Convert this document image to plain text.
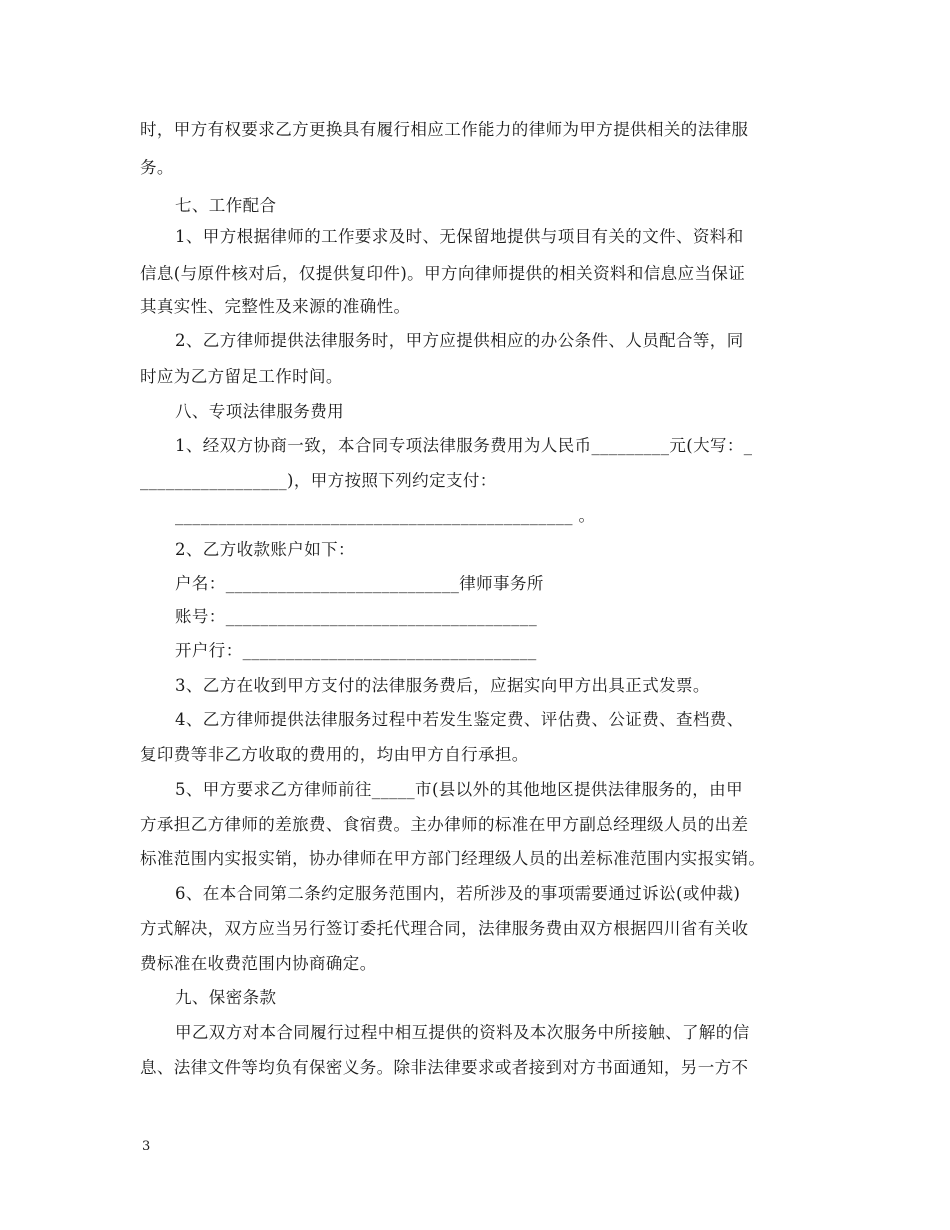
时，甲方有权要求乙方更换具有履行相应工作能力的律师为甲方提供相关的法律服
务。
七、工作配合
1、甲方根据律师的工作要求及时、无保留地提供与项目有关的文件、资料和
信息(与原件核对后，仅提供复印件)。甲方向律师提供的相关资料和信息应当保证
其真实性、完整性及来源的准确性。
2、乙方律师提供法律服务时，甲方应提供相应的办公条件、人员配合等，同
时应为乙方留足工作时间。
八、专项法律服务费用
1、经双方协商一致，本合同专项法律服务费用为人民币_________元(大写：_
_________________)，甲方按照下列约定支付：
______________________________________________ 。
2、乙方收款账户如下：
户名：___________________________律师事务所
账号：____________________________________
开户行：__________________________________
3、乙方在收到甲方支付的法律服务费后，应据实向甲方出具正式发票。
4、乙方律师提供法律服务过程中若发生鉴定费、评估费、公证费、查档费、
复印费等非乙方收取的费用的，均由甲方自行承担。
5、甲方要求乙方律师前往_____市(县以外的其他地区提供法律服务的，由甲
方承担乙方律师的差旅费、食宿费。主办律师的标准在甲方副总经理级人员的出差
标准范围内实报实销，协办律师在甲方部门经理级人员的出差标准范围内实报实销。
6、在本合同第二条约定服务范围内，若所涉及的事项需要通过诉讼(或仲裁)
方式解决，双方应当另行签订委托代理合同，法律服务费由双方根据四川省有关收
费标准在收费范围内协商确定。
九、保密条款
甲乙双方对本合同履行过程中相互提供的资料及本次服务中所接触、了解的信
息、法律文件等均负有保密义务。除非法律要求或者接到对方书面通知，另一方不
3
